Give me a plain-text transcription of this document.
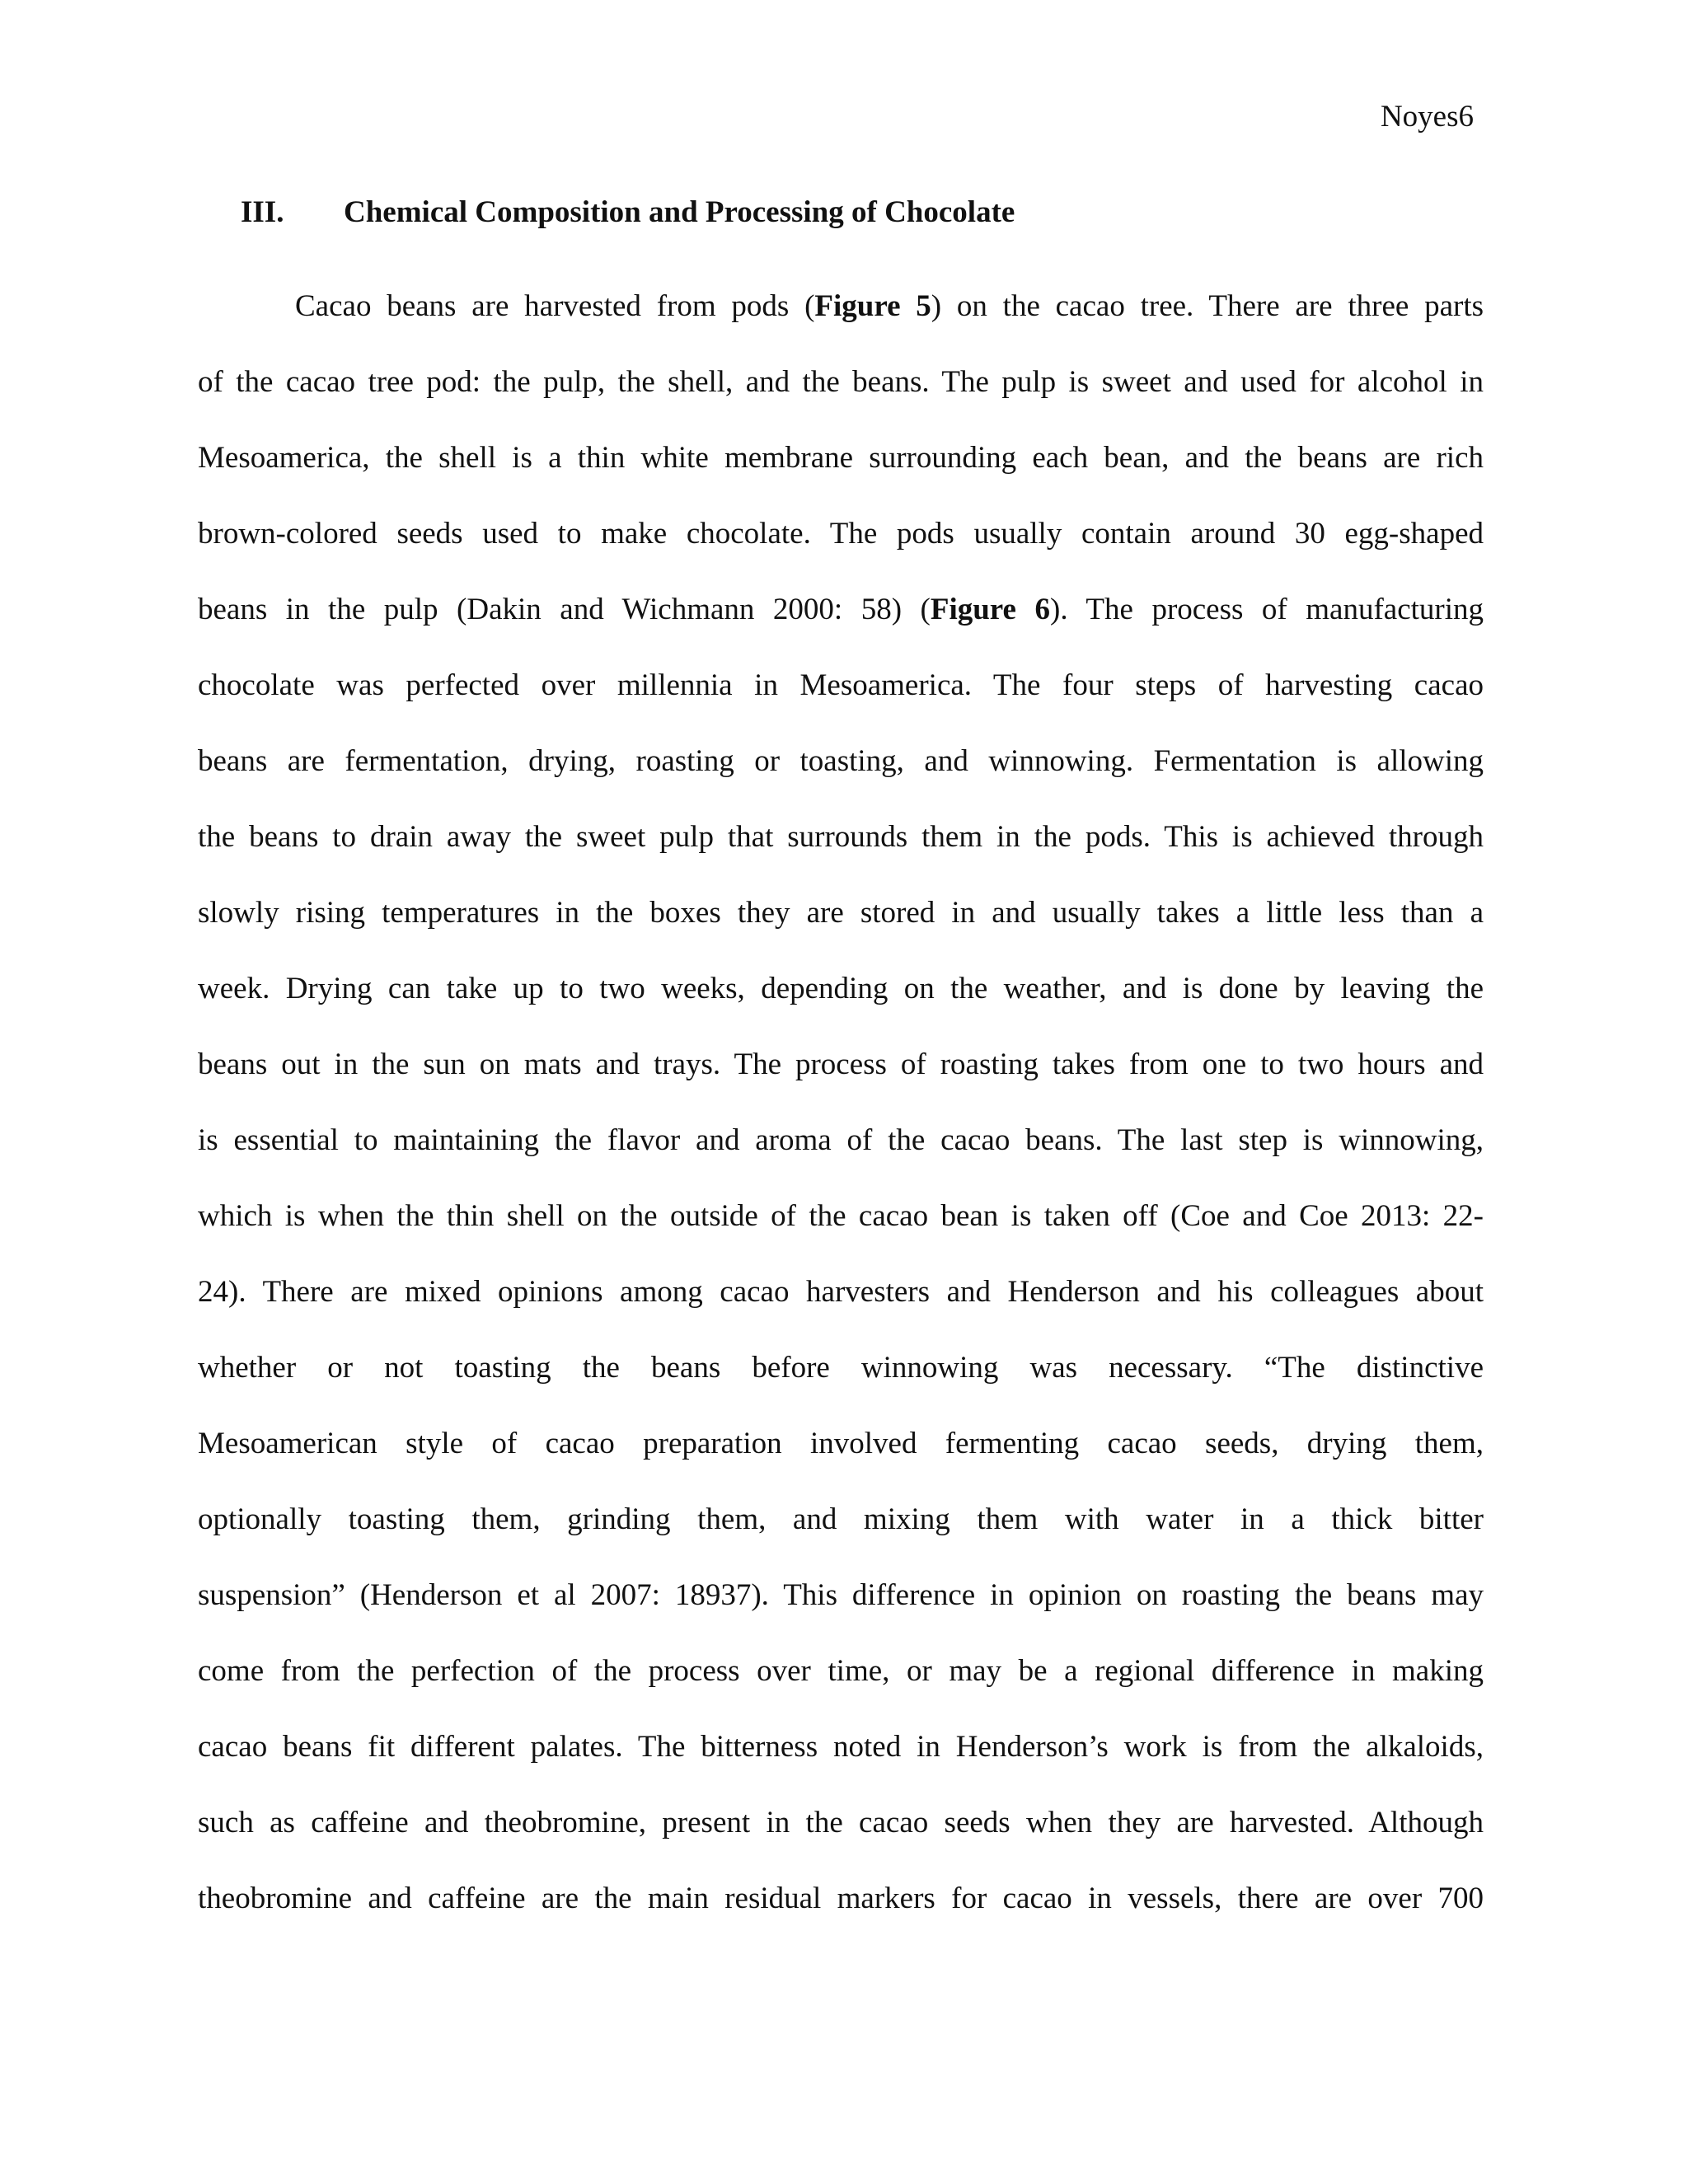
Noyes6
III. Chemical Composition and Processing of Chocolate
Cacao beans are harvested from pods (Figure 5) on the cacao tree. There are three parts
of the cacao tree pod: the pulp, the shell, and the beans. The pulp is sweet and used for alcohol in
Mesoamerica, the shell is a thin white membrane surrounding each bean, and the beans are rich
brown-colored seeds used to make chocolate. The pods usually contain around 30 egg-shaped
beans in the pulp (Dakin and Wichmann 2000: 58) (Figure 6). The process of manufacturing
chocolate was perfected over millennia in Mesoamerica. The four steps of harvesting cacao
beans are fermentation, drying, roasting or toasting, and winnowing. Fermentation is allowing
the beans to drain away the sweet pulp that surrounds them in the pods. This is achieved through
slowly rising temperatures in the boxes they are stored in and usually takes a little less than a
week. Drying can take up to two weeks, depending on the weather, and is done by leaving the
beans out in the sun on mats and trays. The process of roasting takes from one to two hours and
is essential to maintaining the flavor and aroma of the cacao beans. The last step is winnowing,
which is when the thin shell on the outside of the cacao bean is taken off (Coe and Coe 2013: 22-
24). There are mixed opinions among cacao harvesters and Henderson and his colleagues about
whether or not toasting the beans before winnowing was necessary. “The distinctive
Mesoamerican style of cacao preparation involved fermenting cacao seeds, drying them,
optionally toasting them, grinding them, and mixing them with water in a thick bitter
suspension” (Henderson et al 2007: 18937). This difference in opinion on roasting the beans may
come from the perfection of the process over time, or may be a regional difference in making
cacao beans fit different palates. The bitterness noted in Henderson’s work is from the alkaloids,
such as caffeine and theobromine, present in the cacao seeds when they are harvested. Although
theobromine and caffeine are the main residual markers for cacao in vessels, there are over 700
